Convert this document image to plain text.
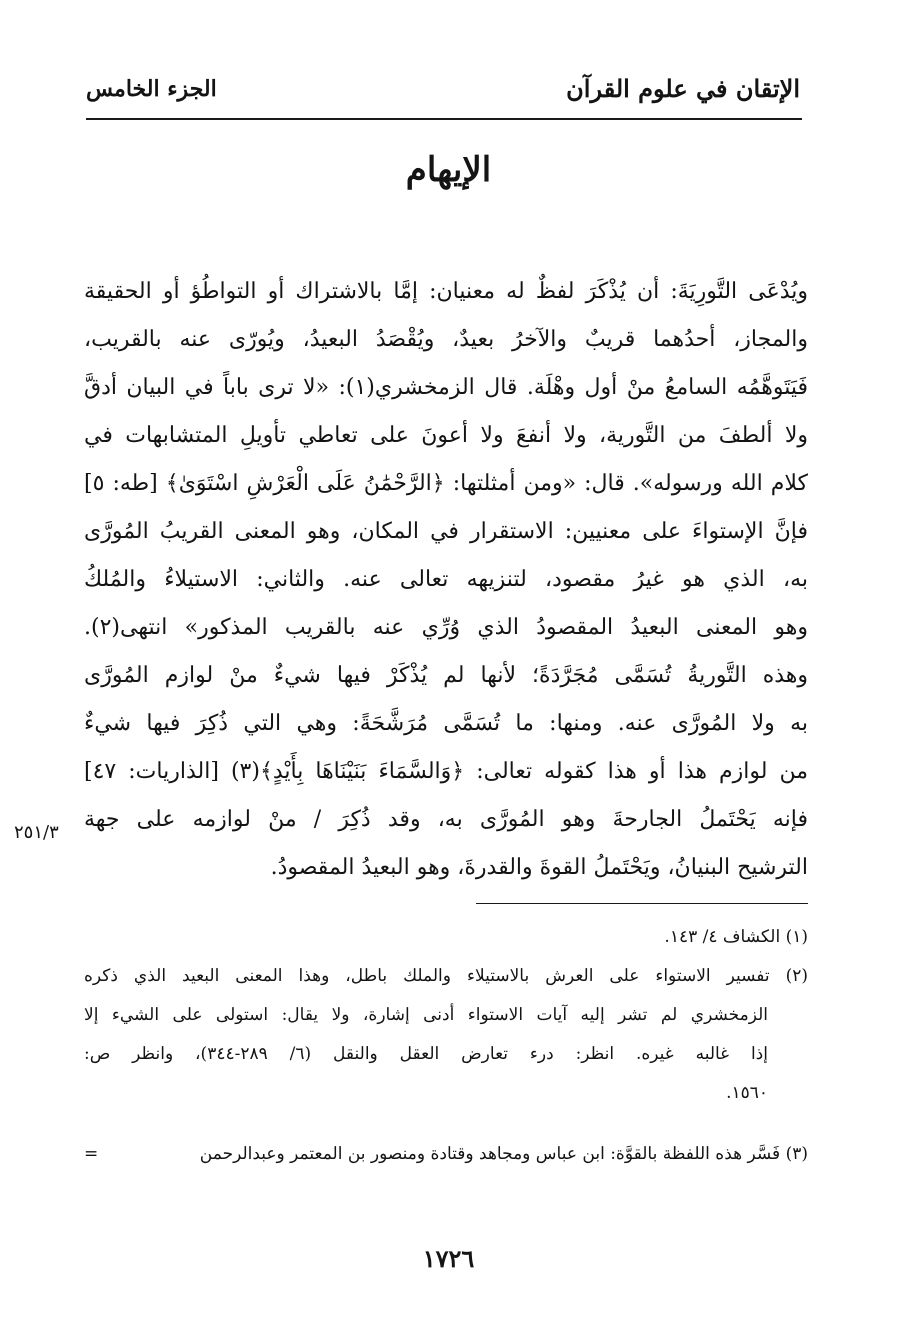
الإتقان في علوم القرآن
الجزء الخامس
الإيهام
ويُدْعَى التَّورِيَةَ: أن يُذْكَرَ لفظٌ له معنيان: إمَّا بالاشتراك أو التواطُؤ أو الحقيقة
والمجاز، أحدُهما قريبٌ والآخرُ بعيدٌ، ويُقْصَدُ البعيدُ، ويُورّى عنه بالقريب،
فَيَتَوهَّمُه السامعُ منْ أول وهْلَة. قال الزمخشري(١): «لا ترى باباً في البيان أدقَّ
ولا ألطفَ من التَّورية، ولا أنفعَ ولا أعونَ على تعاطي تأويلِ المتشابهات في
كلام الله ورسوله». قال: «ومن أمثلتها: ﴿الرَّحْمَٰنُ عَلَى الْعَرْشِ اسْتَوَىٰ﴾ [طه: ٥]
فإنَّ الإستواءَ على معنيين: الاستقرار في المكان، وهو المعنى القريبُ المُورَّى
به، الذي هو غيرُ مقصود، لتنزيهه تعالى عنه. والثاني: الاستيلاءُ والمُلكُ
وهو المعنى البعيدُ المقصودُ الذي وُرِّي عنه بالقريب المذكور» انتهى(٢).
وهذه التَّوريةُ تُسَمَّى مُجَرَّدَةً؛ لأنها لم يُذْكَرْ فيها شيءٌ منْ لوازم المُورَّى
به ولا المُورَّى عنه. ومنها: ما تُسَمَّى مُرَشَّحَةً: وهي التي ذُكِرَ فيها شيءٌ
من لوازم هذا أو هذا كقوله تعالى: ﴿وَالسَّمَاءَ بَنَيْنَاهَا بِأَيْدٍ﴾(٣) [الذاريات: ٤٧]
فإنه يَحْتَملُ الجارحةَ وهو المُورَّى به، وقد ذُكِرَ / منْ لوازمه على جهة
الترشيح البنيانُ، ويَحْتَملُ القوةَ والقدرةَ، وهو البعيدُ المقصودُ.
٢٥١/٣
(١) الكشاف ٤/ ١٤٣.
(٢) تفسير الاستواء على العرش بالاستيلاء والملك باطل، وهذا المعنى البعيد الذي ذكره
الزمخشري لم تشر إليه آيات الاستواء أدنى إشارة، ولا يقال: استولى على الشيء إلا
إذا غالبه غيره. انظر: درء تعارض العقل والنقل (٦/ ٢٨٩-٣٤٤)، وانظر ص:
١٥٦٠.
(٣) فَسَّر هذه اللفظة بالقوَّة: ابن عباس ومجاهد وقتادة ومنصور بن المعتمر وعبدالرحمن
=
١٧٢٦
